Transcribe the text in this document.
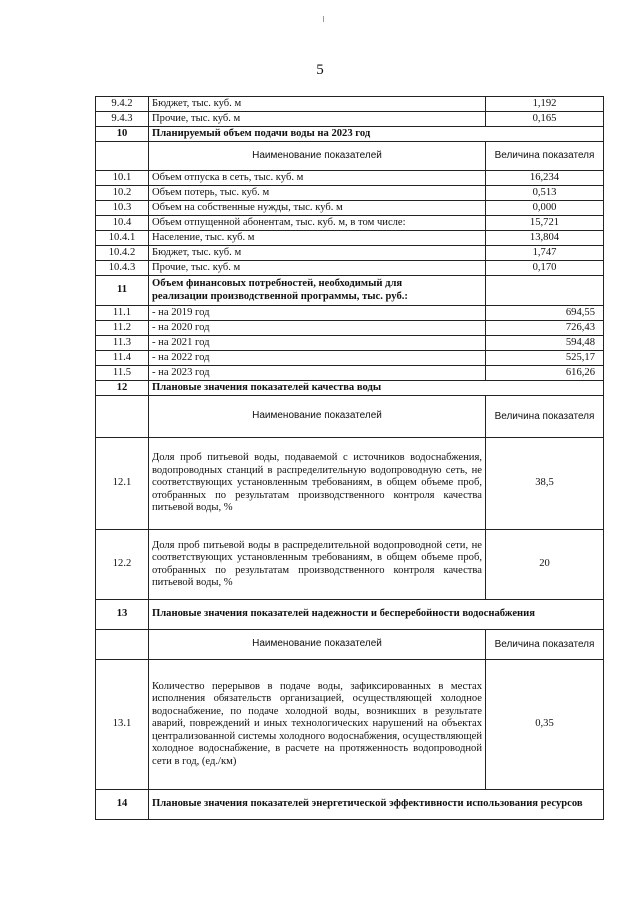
5
9.4.2	Бюджет, тыс. куб. м	1,192
9.4.3	Прочие, тыс. куб. м	0,165
10	Планируемый объем подачи воды на 2023 год	
	Наименование показателей	Величина показателя
10.1	Объем отпуска в сеть, тыс. куб. м	16,234
10.2	Объем потерь, тыс. куб. м	0,513
10.3	Объем на собственные нужды, тыс. куб. м	0,000
10.4	Объем отпущенной абонентам, тыс. куб. м, в том числе:	15,721
10.4.1	Население, тыс. куб. м	13,804
10.4.2	Бюджет, тыс. куб. м	1,747
10.4.3	Прочие, тыс. куб. м	0,170
11	Объем финансовых потребностей, необходимый для
реализации производственной программы, тыс. руб.:	

11.1	- на 2019 год	694,55
11.2	- на 2020 год	726,43
11.3	- на 2021 год	594,48
11.4	- на 2022 год	525,17
11.5	- на 2023 год	616,26
12	Плановые значения показателей качества воды	
	Наименование показателей	Величина показателя
12.1	Доля проб питьевой воды, подаваемой с источников водоснабжения, водопроводных станций в распределительную водопроводную сеть, не соответствующих установленным требованиям, в общем объеме проб, отобранных по результатам производственного контроля качества питьевой воды, %	38,5
12.2	Доля проб питьевой воды в распределительной водопроводной сети, не соответствующих установленным требованиям, в общем объеме проб, отобранных по результатам производственного контроля качества питьевой воды, %	20
13	Плановые значения показателей надежности и бесперебойности водоснабжения	
	Наименование показателей	Величина показателя
13.1	Количество перерывов в подаче воды, зафиксированных в местах исполнения обязательств организацией, осуществляющей холодное водоснабжение, по подаче холодной воды, возникших в результате аварий, повреждений и иных технологических нарушений на объектах централизованной системы холодного водоснабжения, осуществляющей холодное водоснабжение, в расчете на протяженность водопроводной сети в год, (ед./км)	0,35
14	Плановые значения показателей энергетической эффективности использования ресурсов	
